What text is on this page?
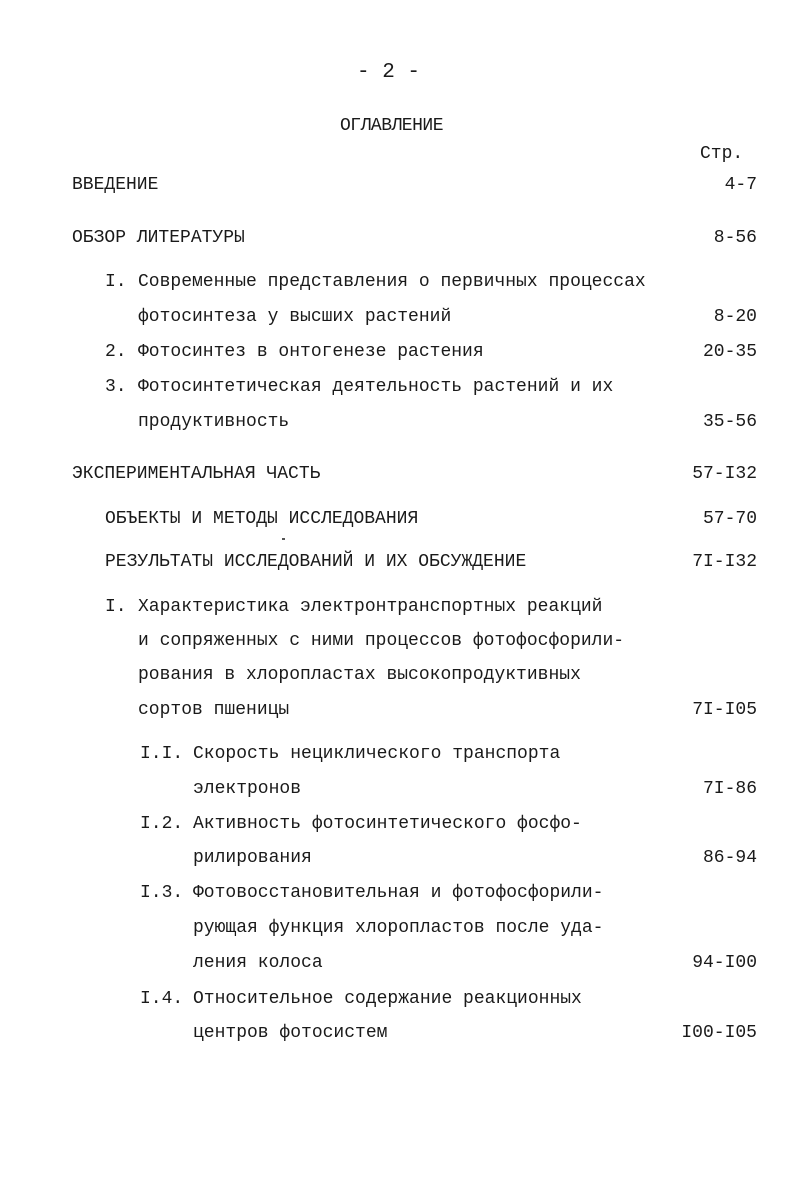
- 2 -
ОГЛАВЛЕНИЕ
Стр.
ВВЕДЕНИЕ	4-7
ОБЗОР ЛИТЕРАТУРЫ	8-56
I. Современные представления о первичных процессах
фотосинтеза у высших растений	8-20
2. Фотосинтез в онтогенезе растения	20-35
3. Фотосинтетическая деятельность растений и их
продуктивность	35-56
ЭКСПЕРИМЕНТАЛЬНАЯ ЧАСТЬ	57-I32
ОБЪЕКТЫ И МЕТОДЫ ИССЛЕДОВАНИЯ	57-70
РЕЗУЛЬТАТЫ ИССЛЕДОВАНИЙ И ИХ ОБСУЖДЕНИЕ	7I-I32
I. Характеристика электронтранспортных реакций
и сопряженных с ними процессов фотофосфорили-
рования в хлоропластах высокопродуктивных
сортов пшеницы	7I-I05
I.I. Скорость нециклического транспорта
электронов	7I-86
I.2. Активность фотосинтетического фосфо-
рилирования	86-94
I.3. Фотовосстановительная и фотофосфорили-
рующая функция хлоропластов после уда-
ления колоса	94-I00
I.4. Относительное содержание реакционных
центров фотосистем	I00-I05
